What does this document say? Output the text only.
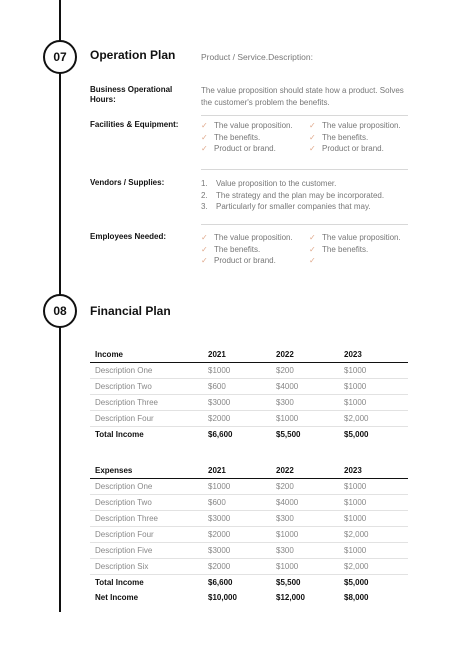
07 Operation Plan	Product / Service.Description:
Business Operational Hours:
The value proposition should state how a product. Solves the customer's problem the benefits.
Facilities & Equipment:	✓ The value proposition.
✓ The benefits.
✓ Product or brand.
✓ The value proposition.
✓ The benefits.
✓ Product or brand.
Vendors / Supplies:	1. Value proposition to the customer.
2. The strategy and the plan may be incorporated.
3. Particularly for smaller companies that may.
Employees Needed:	✓ The value proposition.
✓ The benefits.
✓ Product or brand.
✓ The value proposition.
✓ The benefits.
✓
08 Financial Plan
Income	2021	2022	2023
Description One	$1000	$200	$1000
Description Two	$600	$4000	$1000
Description Three	$3000	$300	$1000
Description Four	$2000	$1000	$2,000
Total Income	$6,600	$5,500	$5,000
Expenses	2021	2022	2023
Description One	$1000	$200	$1000
Description Two	$600	$4000	$1000
Description Three	$3000	$300	$1000
Description Four	$2000	$1000	$2,000
Description Five	$3000	$300	$1000
Description Six	$2000	$1000	$2,000
Total Income	$6,600	$5,500	$5,000
Net Income	$10,000	$12,000	$8,000
